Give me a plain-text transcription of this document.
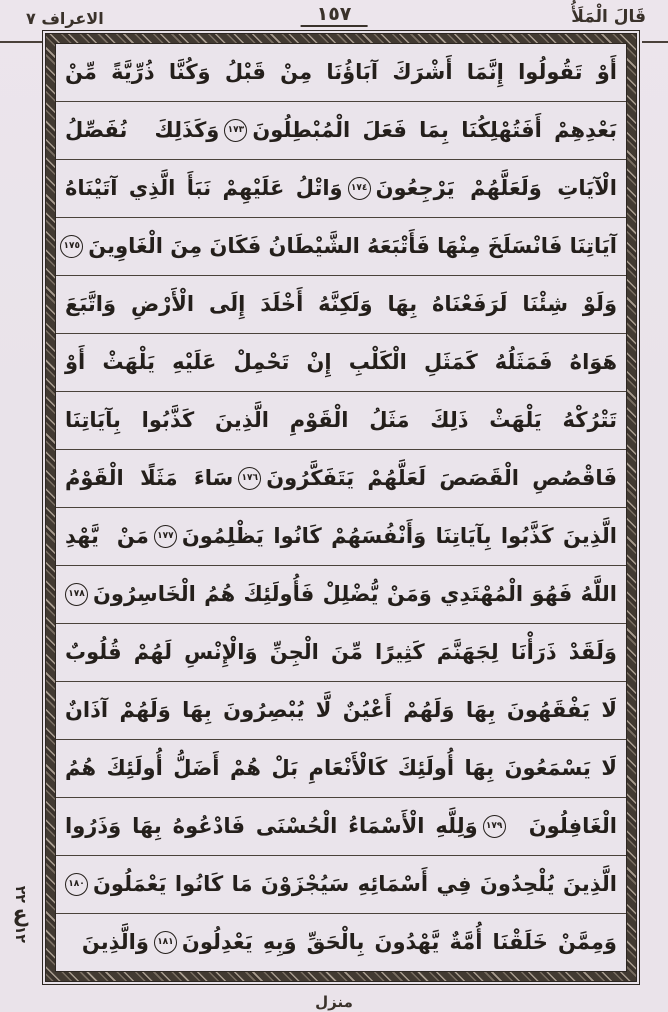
قَالَ الْمَلَأُ
١٥٧
الاعراف ٧
أَوْ تَقُولُوا إِنَّمَا أَشْرَكَ آبَاؤُنَا مِنْ قَبْلُ وَكُنَّا ذُرِّيَّةً مِّنْ
بَعْدِهِمْ أَفَتُهْلِكُنَا بِمَا فَعَلَ الْمُبْطِلُونَ
١٧٣
وَكَذَلِكَ نُفَصِّلُ
الْآيَاتِ وَلَعَلَّهُمْ يَرْجِعُونَ
١٧٤
وَاتْلُ عَلَيْهِمْ نَبَأَ الَّذِي آتَيْنَاهُ
آيَاتِنَا فَانْسَلَخَ مِنْهَا فَأَتْبَعَهُ الشَّيْطَانُ فَكَانَ مِنَ الْغَاوِينَ
١٧٥
وَلَوْ شِئْنَا لَرَفَعْنَاهُ بِهَا وَلَكِنَّهُ أَخْلَدَ إِلَى الْأَرْضِ وَاتَّبَعَ
هَوَاهُ فَمَثَلُهُ كَمَثَلِ الْكَلْبِ إِنْ تَحْمِلْ عَلَيْهِ يَلْهَثْ أَوْ
تَتْرُكْهُ يَلْهَثْ ذَلِكَ مَثَلُ الْقَوْمِ الَّذِينَ كَذَّبُوا بِآيَاتِنَا
فَاقْصُصِ الْقَصَصَ لَعَلَّهُمْ يَتَفَكَّرُونَ
١٧٦
سَاءَ مَثَلًا الْقَوْمُ
الَّذِينَ كَذَّبُوا بِآيَاتِنَا وَأَنْفُسَهُمْ كَانُوا يَظْلِمُونَ
١٧٧
مَنْ يَّهْدِ
اللَّهُ فَهُوَ الْمُهْتَدِي وَمَنْ يُّضْلِلْ فَأُولَئِكَ هُمُ الْخَاسِرُونَ
١٧٨
وَلَقَدْ ذَرَأْنَا لِجَهَنَّمَ كَثِيرًا مِّنَ الْجِنِّ وَالْإِنْسِ لَهُمْ قُلُوبٌ
لَا يَفْقَهُونَ بِهَا وَلَهُمْ أَعْيُنٌ لَّا يُبْصِرُونَ بِهَا وَلَهُمْ آذَانٌ
لَا يَسْمَعُونَ بِهَا أُولَئِكَ كَالْأَنْعَامِ بَلْ هُمْ أَضَلُّ أُولَئِكَ هُمُ
الْغَافِلُونَ
١٧٩
وَلِلَّهِ الْأَسْمَاءُ الْحُسْنَى فَادْعُوهُ بِهَا وَذَرُوا
الَّذِينَ يُلْحِدُونَ فِي أَسْمَائِهِ سَيُجْزَوْنَ مَا كَانُوا يَعْمَلُونَ
١٨٠
وَمِمَّنْ خَلَقْنَا أُمَّةٌ يَّهْدُونَ بِالْحَقِّ وَبِهِ يَعْدِلُونَ
١٨١
وَالَّذِينَ
٢٢
ع
١٢
منزل
